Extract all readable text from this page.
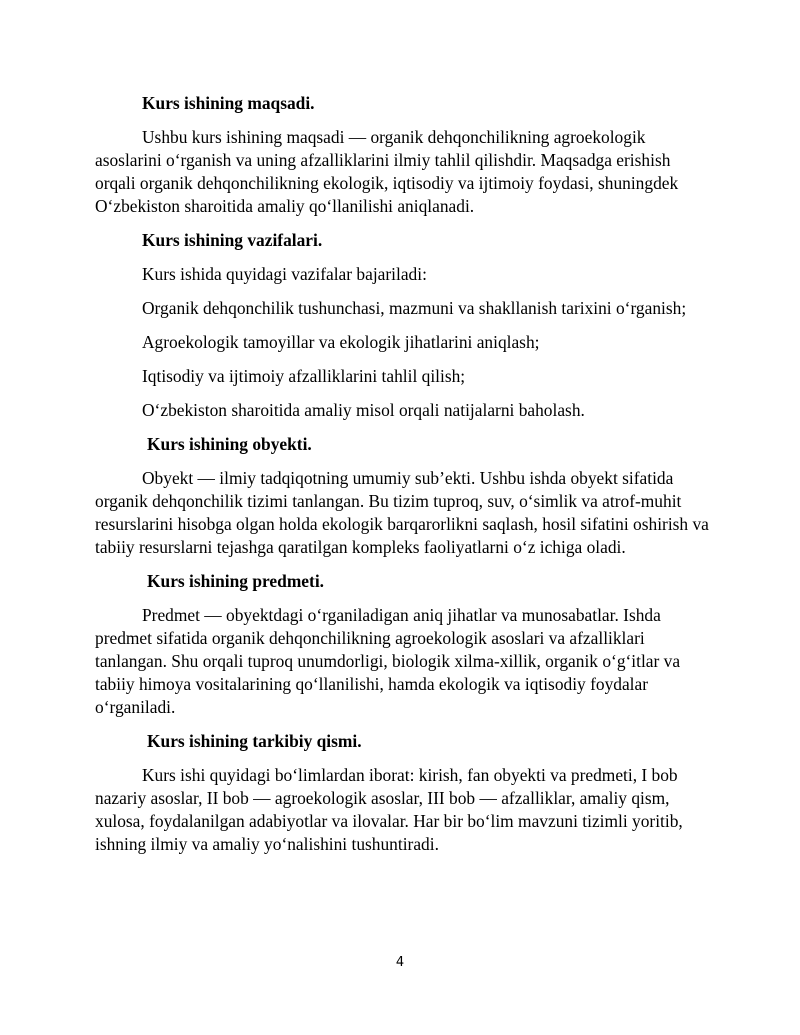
Kurs ishining maqsadi.
Ushbu kurs ishining maqsadi — organik dehqonchilikning agroekologik asoslarini o‘rganish va uning afzalliklarini ilmiy tahlil qilishdir. Maqsadga erishish orqali organik dehqonchilikning ekologik, iqtisodiy va ijtimoiy foydasi, shuningdek O‘zbekiston sharoitida amaliy qo‘llanilishi aniqlanadi.
Kurs ishining vazifalari.
Kurs ishida quyidagi vazifalar bajariladi:
Organik dehqonchilik tushunchasi, mazmuni va shakllanish tarixini o‘rganish;
Agroekologik tamoyillar va ekologik jihatlarini aniqlash;
Iqtisodiy va ijtimoiy afzalliklarini tahlil qilish;
O‘zbekiston sharoitida amaliy misol orqali natijalarni baholash.
Kurs ishining obyekti.
Obyekt — ilmiy tadqiqotning umumiy sub’ekti. Ushbu ishda obyekt sifatida organik dehqonchilik tizimi tanlangan. Bu tizim tuproq, suv, o‘simlik va atrof-muhit resurslarini hisobga olgan holda ekologik barqarorlikni saqlash, hosil sifatini oshirish va tabiiy resurslarni tejashga qaratilgan kompleks faoliyatlarni o‘z ichiga oladi.
Kurs ishining predmeti.
Predmet — obyektdagi o‘rganiladigan aniq jihatlar va munosabatlar. Ishda predmet sifatida organik dehqonchilikning agroekologik asoslari va afzalliklari tanlangan. Shu orqali tuproq unumdorligi, biologik xilma-xillik, organik o‘g‘itlar va tabiiy himoya vositalarining qo‘llanilishi, hamda ekologik va iqtisodiy foydalar o‘rganiladi.
Kurs ishining tarkibiy qismi.
Kurs ishi quyidagi bo‘limlardan iborat: kirish, fan obyekti va predmeti, I bob nazariy asoslar, II bob — agroekologik asoslar, III bob — afzalliklar, amaliy qism, xulosa, foydalanilgan adabiyotlar va ilovalar. Har bir bo‘lim mavzuni tizimli yoritib, ishning ilmiy va amaliy yo‘nalishini tushuntiradi.
4
